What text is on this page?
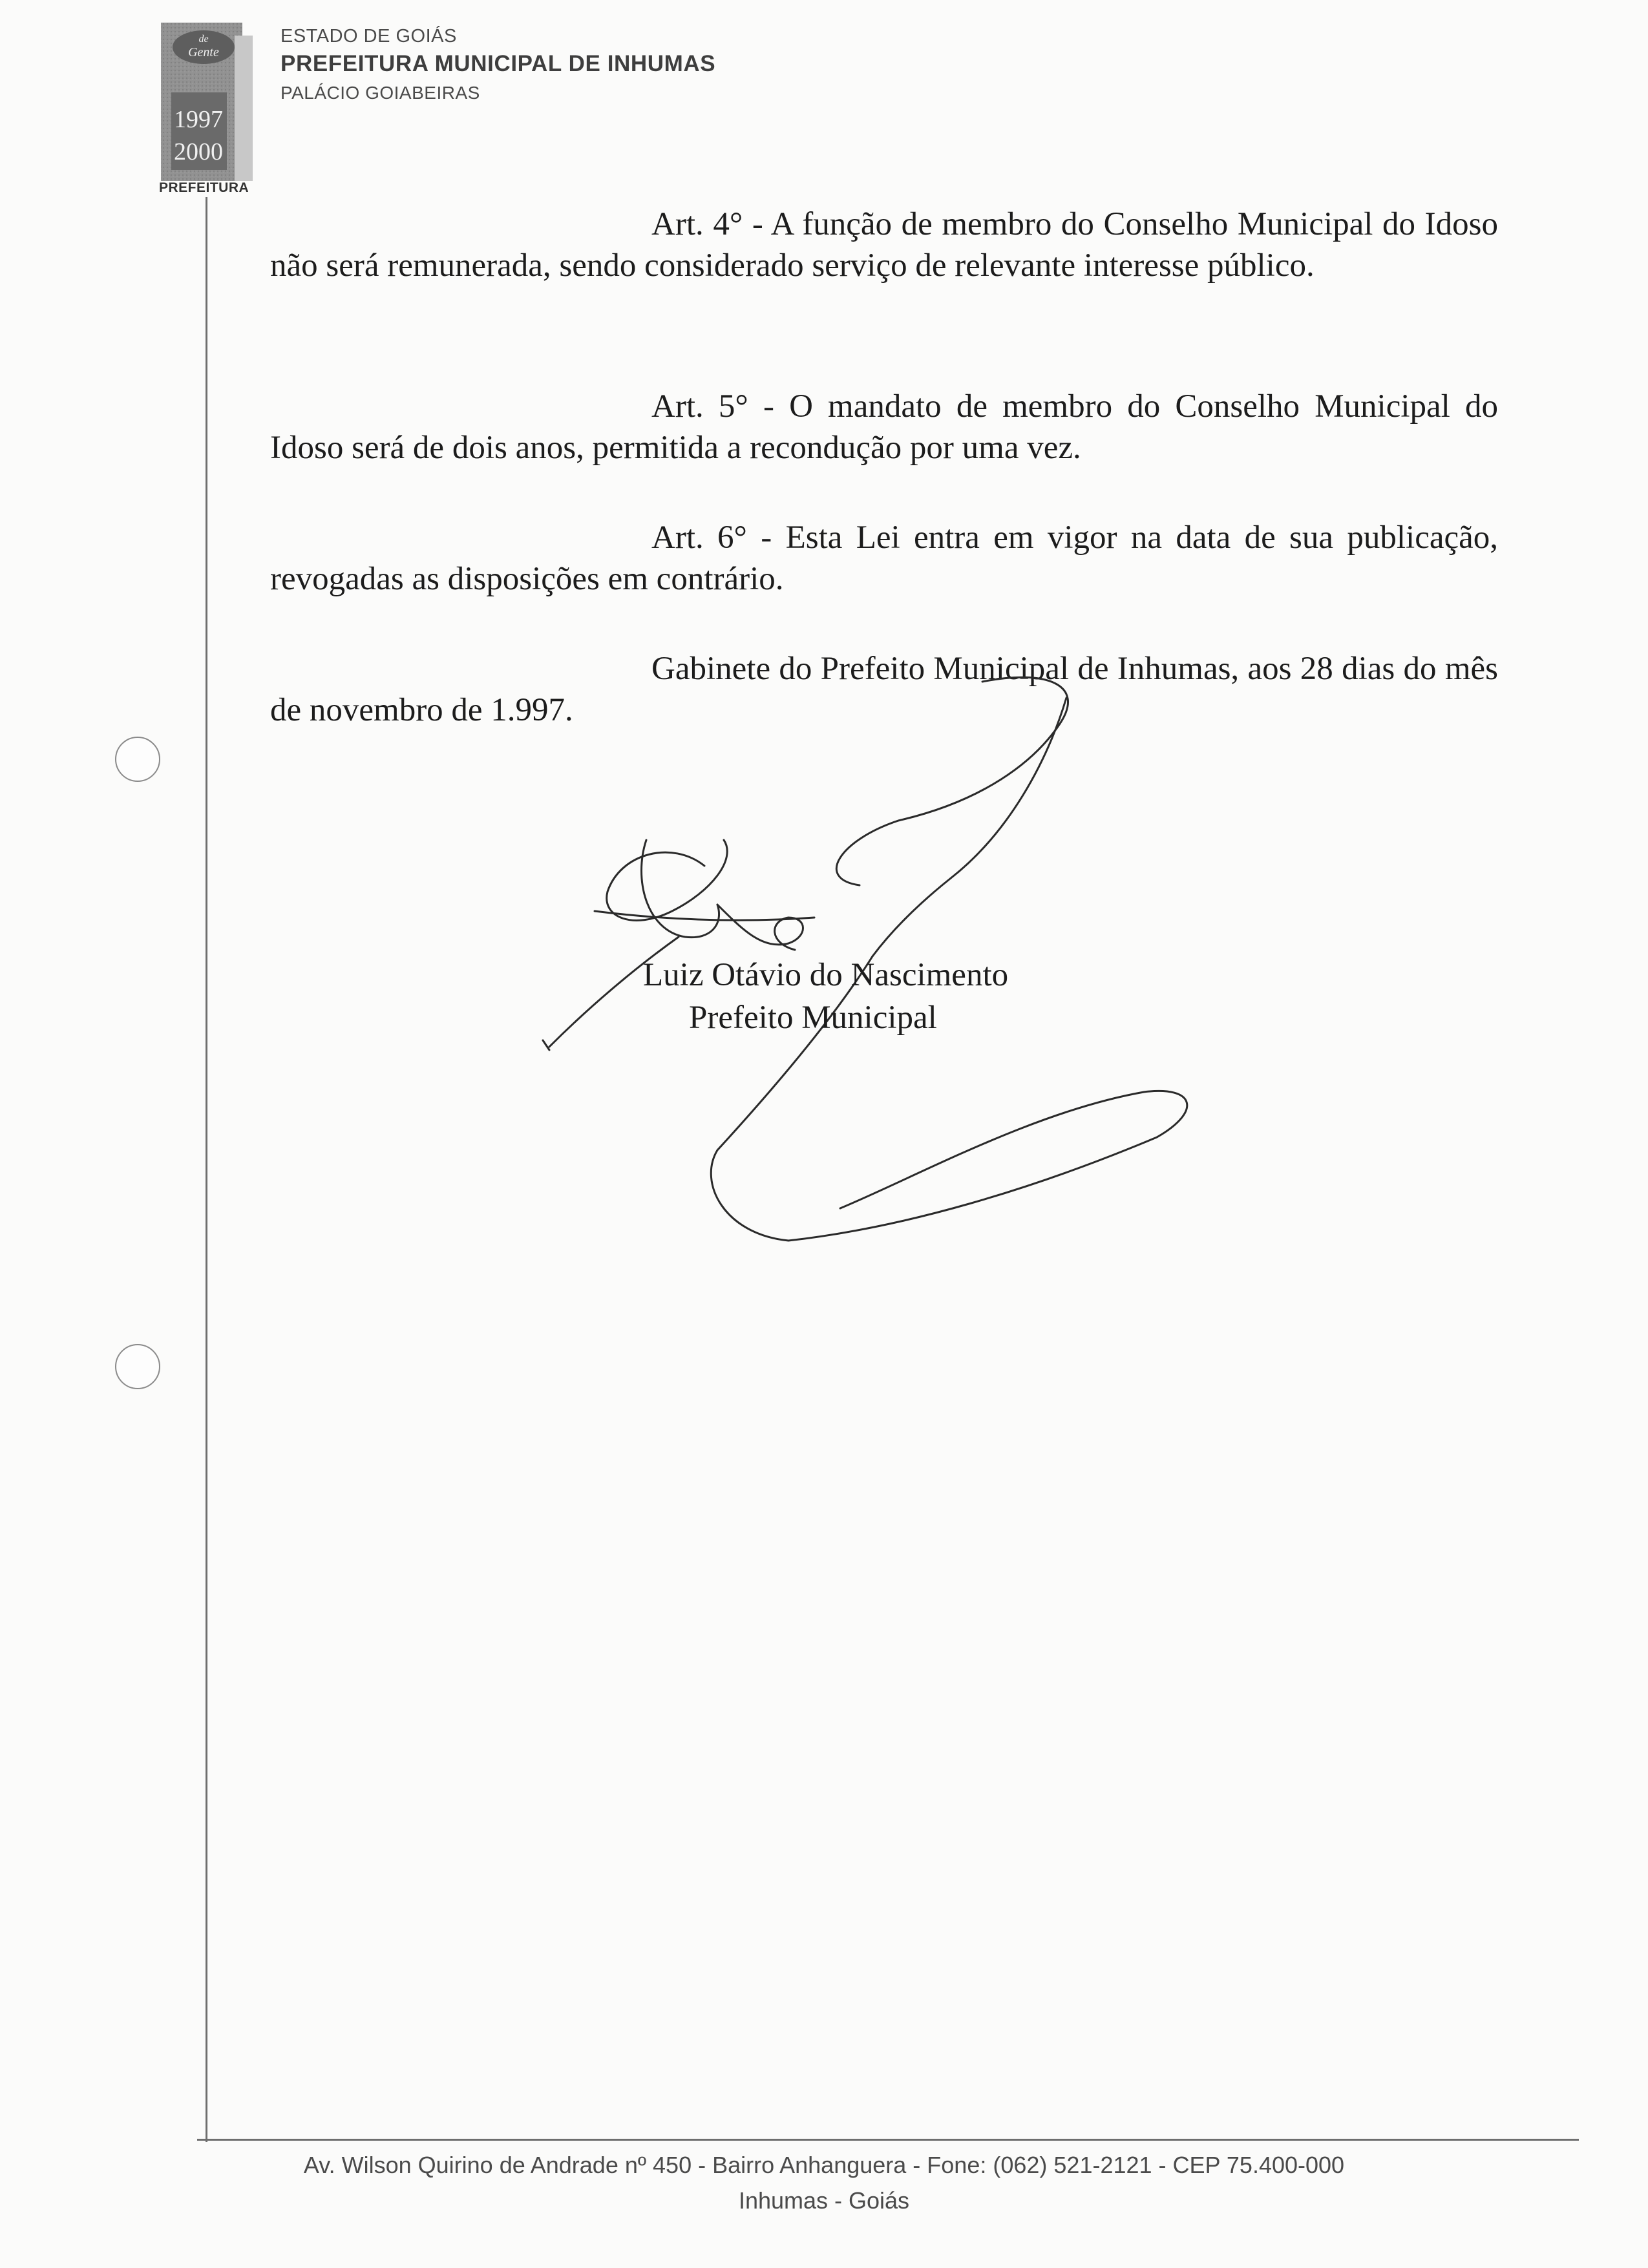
de
Gente
1997
2000
PREFEITURA
ESTADO DE GOIÁS
PREFEITURA MUNICIPAL DE INHUMAS
PALÁCIO GOIABEIRAS

Art. 4° - A função de membro do Conselho Municipal do Idoso não será remunerada, sendo considerado serviço de relevante interesse público.

Art. 5° - O mandato de membro do Conselho Municipal do Idoso será de dois anos, permitida a recondução por uma vez.

Art. 6° - Esta Lei entra em vigor na data de sua publicação, revogadas as disposições em contrário.

Gabinete do Prefeito Municipal de Inhumas, aos 28 dias do mês de novembro de 1.997.

Luiz Otávio do Nascimento
Prefeito Municipal
Av. Wilson Quirino de Andrade nº 450 - Bairro Anhanguera - Fone: (062) 521-2121 - CEP 75.400-000
Inhumas - Goiás
